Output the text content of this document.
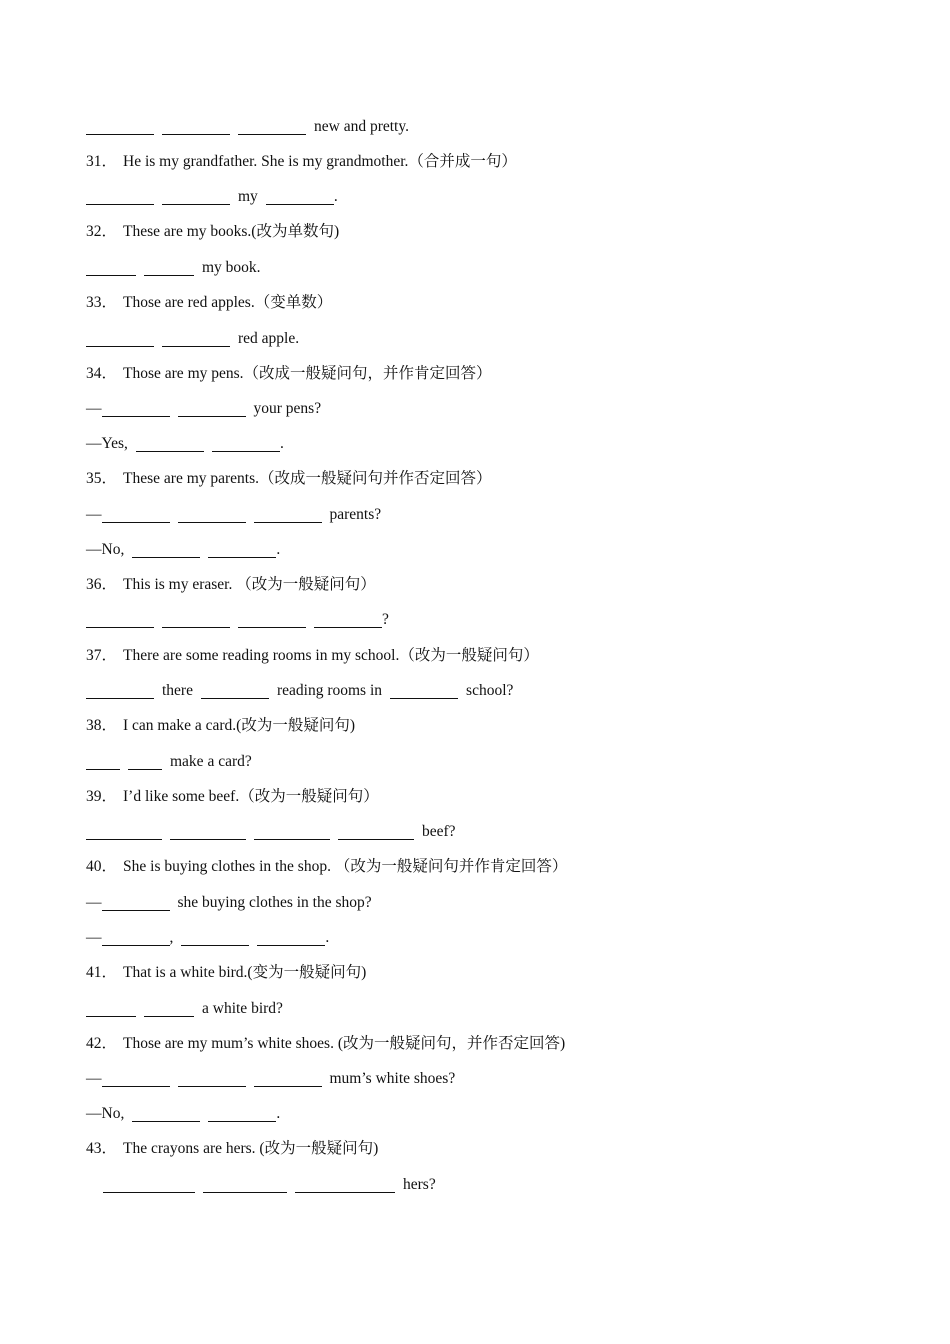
new and pretty.
31． He is my grandfather. She is my grandmother.（合并成一句）
my	.
32． These are my books.(改为单数句)
my book.
33． Those are red apples.（变单数）
red apple.
34． Those are my pens.（改成一般疑问句，并作肯定回答）
—	your pens?
—Yes,	.
35． These are my parents.（改成一般疑问句并作否定回答）
—	parents?
—No,	.
36． This is my eraser. （改为一般疑问句）
?
37． There are some reading rooms in my school.（改为一般疑问句）
there	reading rooms in	school?
38． I can make a card.(改为一般疑问句)
make a card?
39． I’d like some beef.（改为一般疑问句）
beef?
40． She is buying clothes in the shop. （改为一般疑问句并作肯定回答）
—	she buying clothes in the shop?
—	,	.
41． That is a white bird.(变为一般疑问句)
a white bird?
42． Those are my mum’s white shoes. (改为一般疑问句，并作否定回答)
—	mum’s white shoes?
—No,	.
43． The crayons are hers. (改为一般疑问句)
hers?
